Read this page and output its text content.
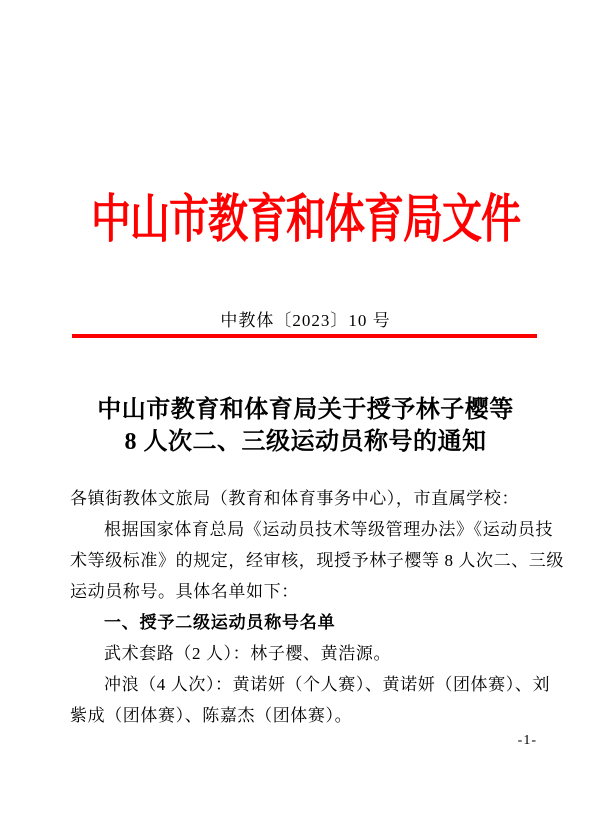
中山市教育和体育局文件
中教体〔2023〕10 号
中山市教育和体育局关于授予林子樱等
8 人次二、三级运动员称号的通知
各镇街教体文旅局（教育和体育事务中心），市直属学校：
根据国家体育总局《运动员技术等级管理办法》《运动员技
术等级标准》的规定，经审核，现授予林子樱等 8 人次二、三级
运动员称号。具体名单如下：
一、授予二级运动员称号名单
武术套路（2 人）：林子樱、黄浩源。
冲浪（4 人次）：黄诺妍（个人赛）、黄诺妍（团体赛）、刘
紫成（团体赛）、陈嘉杰（团体赛）。
-1-
